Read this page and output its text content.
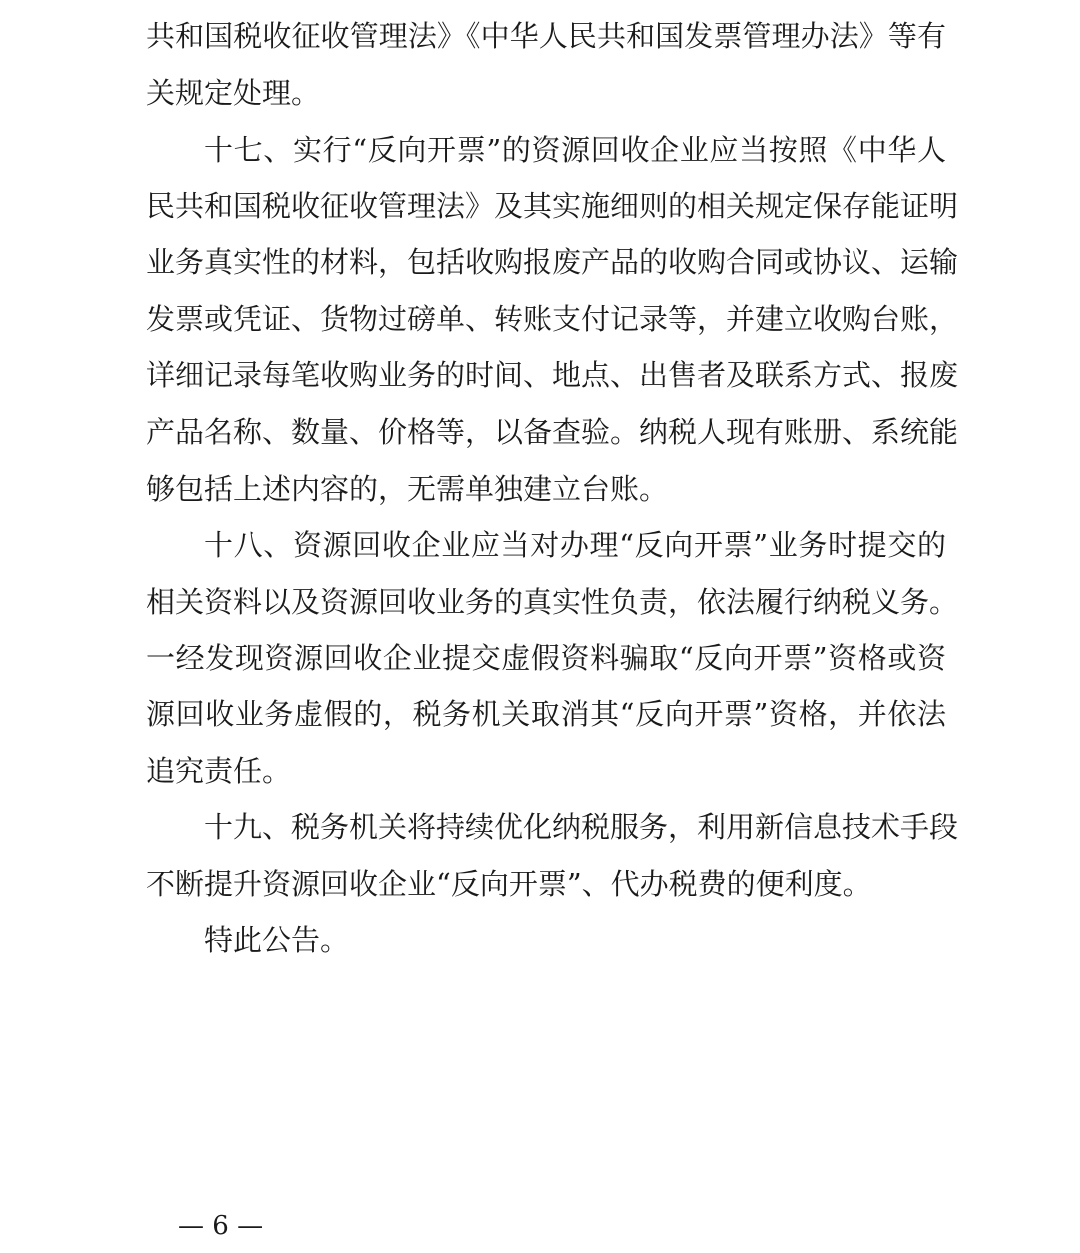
共和国税收征收管理法》《中华人民共和国发票管理办法》等有
关规定处理。
十七、实行“反向开票”的资源回收企业应当按照《中华人
民共和国税收征收管理法》及其实施细则的相关规定保存能证明
业务真实性的材料，包括收购报废产品的收购合同或协议、运输
发票或凭证、货物过磅单、转账支付记录等，并建立收购台账，
详细记录每笔收购业务的时间、地点、出售者及联系方式、报废
产品名称、数量、价格等，以备查验。纳税人现有账册、系统能
够包括上述内容的，无需单独建立台账。
十八、资源回收企业应当对办理“反向开票”业务时提交的
相关资料以及资源回收业务的真实性负责，依法履行纳税义务。
一经发现资源回收企业提交虚假资料骗取“反向开票”资格或资
源回收业务虚假的，税务机关取消其“反向开票”资格，并依法
追究责任。
十九、税务机关将持续优化纳税服务，利用新信息技术手段
不断提升资源回收企业“反向开票”、代办税费的便利度。
特此公告。
— 6 —
